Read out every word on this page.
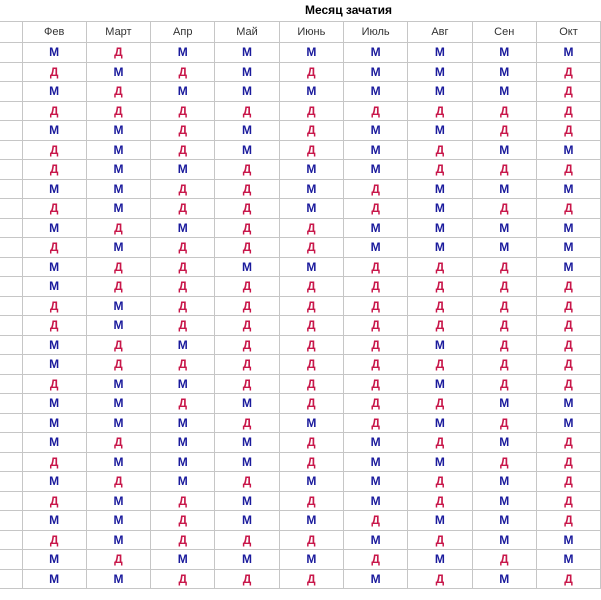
Месяц зачатия
	Фев	Март	Апр	Май	Июнь	Июль	Авг	Сен	Окт
	М	Д	М	М	М	М	М	М	М
	Д	М	Д	М	Д	М	М	М	Д
	М	Д	М	М	М	М	М	М	Д
	Д	Д	Д	Д	Д	Д	Д	Д	Д
	М	М	Д	М	Д	М	М	Д	Д
	Д	М	Д	М	Д	М	Д	М	М
	Д	М	М	Д	М	М	Д	Д	Д
	М	М	Д	Д	М	Д	М	М	М
	Д	М	Д	Д	М	Д	М	Д	Д
	М	Д	М	Д	Д	М	М	М	М
	Д	М	Д	Д	Д	М	М	М	М
	М	Д	Д	М	М	Д	Д	Д	М
	М	Д	Д	Д	Д	Д	Д	Д	Д
	Д	М	Д	Д	Д	Д	Д	Д	Д
	Д	М	Д	Д	Д	Д	Д	Д	Д
	М	Д	М	Д	Д	Д	М	Д	Д
	М	Д	Д	Д	Д	Д	Д	Д	Д
	Д	М	М	Д	Д	Д	М	Д	Д
	М	М	Д	М	Д	Д	Д	М	М
	М	М	М	Д	М	Д	М	Д	М
	М	Д	М	М	Д	М	Д	М	Д
	Д	М	М	М	Д	М	М	Д	Д
	М	Д	М	Д	М	М	Д	М	Д
	Д	М	Д	М	Д	М	Д	М	Д
	М	М	Д	М	М	Д	М	М	Д
	Д	М	Д	Д	Д	М	Д	М	М
	М	Д	М	М	М	Д	М	Д	М
	М	М	Д	Д	Д	М	Д	М	Д
